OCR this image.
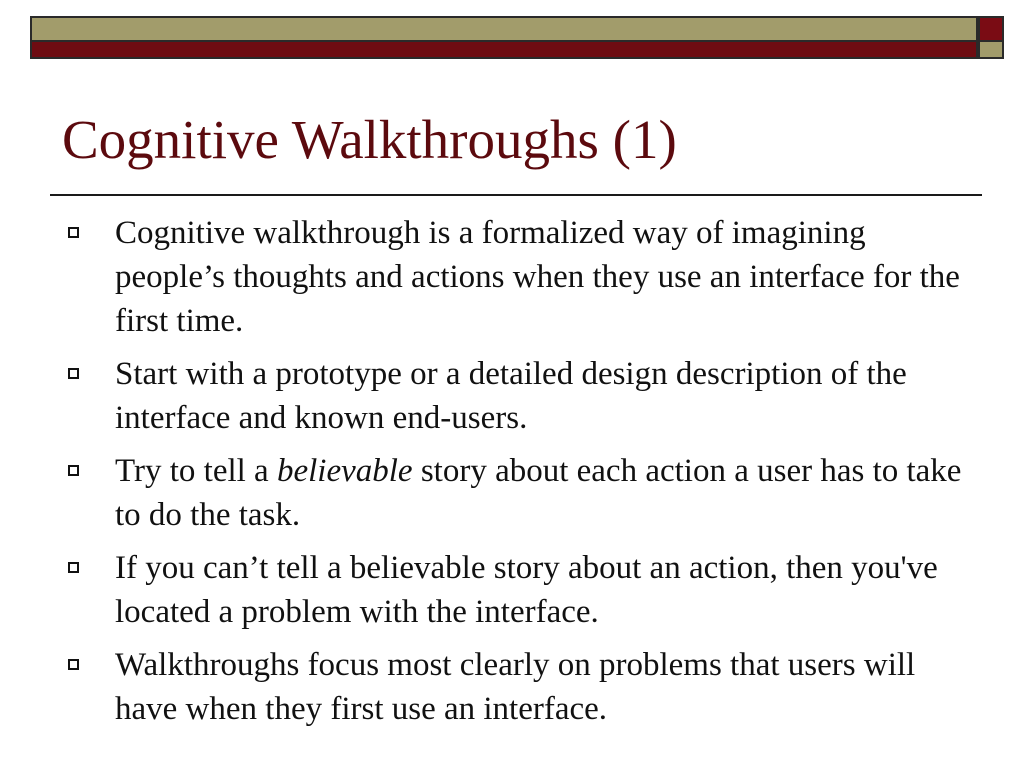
Cognitive Walkthroughs (1)
Cognitive walkthrough is a formalized way of imagining people’s thoughts and actions when they use an interface for the first time.
Start with a prototype or a detailed design description of the interface and known end-users.
Try to tell a believable story about each action a user has to take to do the task.
If you can’t tell a believable story about an action, then you've located a problem with the interface.
Walkthroughs focus most clearly on problems that users will have when they first use an interface.
